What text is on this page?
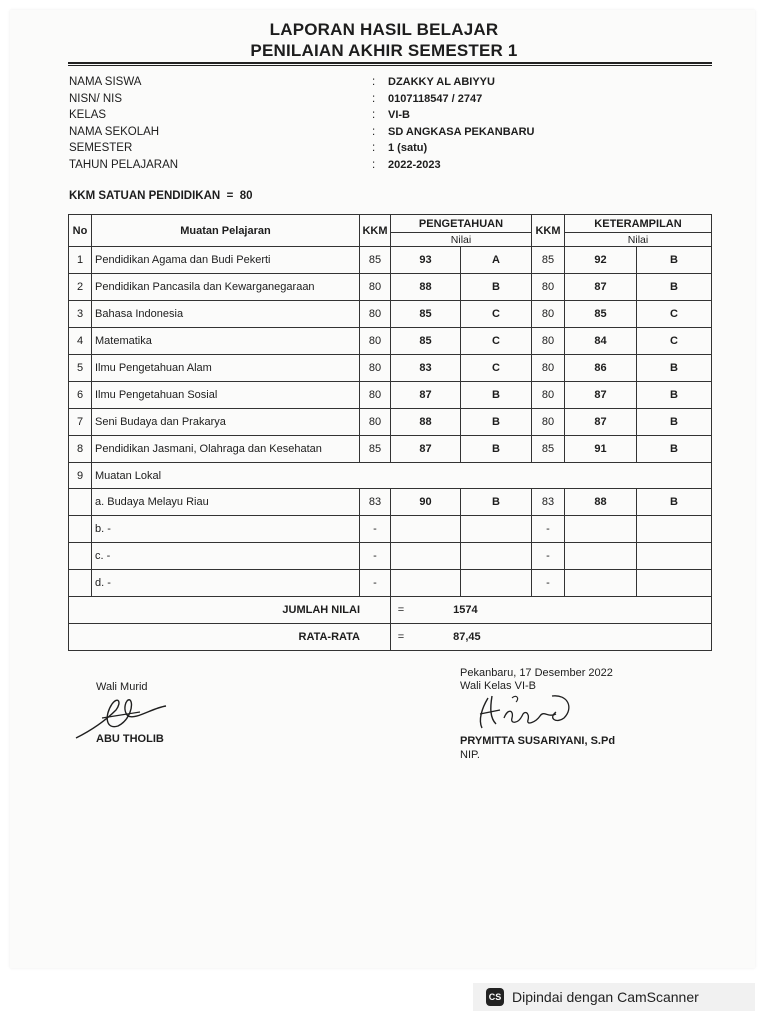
LAPORAN HASIL BELAJAR
PENILAIAN AKHIR SEMESTER 1
NAMA SISWA	:	DZAKKY AL ABIYYU
NISN/ NIS	:	0107118547 / 2747
KELAS	:	VI-B
NAMA SEKOLAH	:	SD ANGKASA PEKANBARU
SEMESTER	:	1 (satu)
TAHUN PELAJARAN	:	2022-2023
KKM SATUAN PENDIDIKAN = 80
No	Muatan Pelajaran	KKM	PENGETAHUAN		KKM	KETERAMPILAN	
			Nilai			Nilai	
1	Pendidikan Agama dan Budi Pekerti	85	93	A	85	92	B
2	Pendidikan Pancasila dan Kewarganegaraan	80	88	B	80	87	B
3	Bahasa Indonesia	80	85	C	80	85	C
4	Matematika	80	85	C	80	84	C
5	Ilmu Pengetahuan Alam	80	83	C	80	86	B
6	Ilmu Pengetahuan Sosial	80	87	B	80	87	B
7	Seni Budaya dan Prakarya	80	88	B	80	87	B
8	Pendidikan Jasmani, Olahraga dan Kesehatan	85	87	B	85	91	B
9	Muatan Lokal						
	a. Budaya Melayu Riau	83	90	B	83	88	B
	b. -	-			-		
	c. -	-			-		
	d. -	-			-		
JUMLAH NILAI			= 1574				
RATA-RATA			= 87,45				
Wali Murid
ABU THOLIB
Pekanbaru, 17 Desember 2022
Wali Kelas VI-B
PRYMITTA SUSARIYANI, S.Pd
NIP.
CS Dipindai dengan CamScanner
